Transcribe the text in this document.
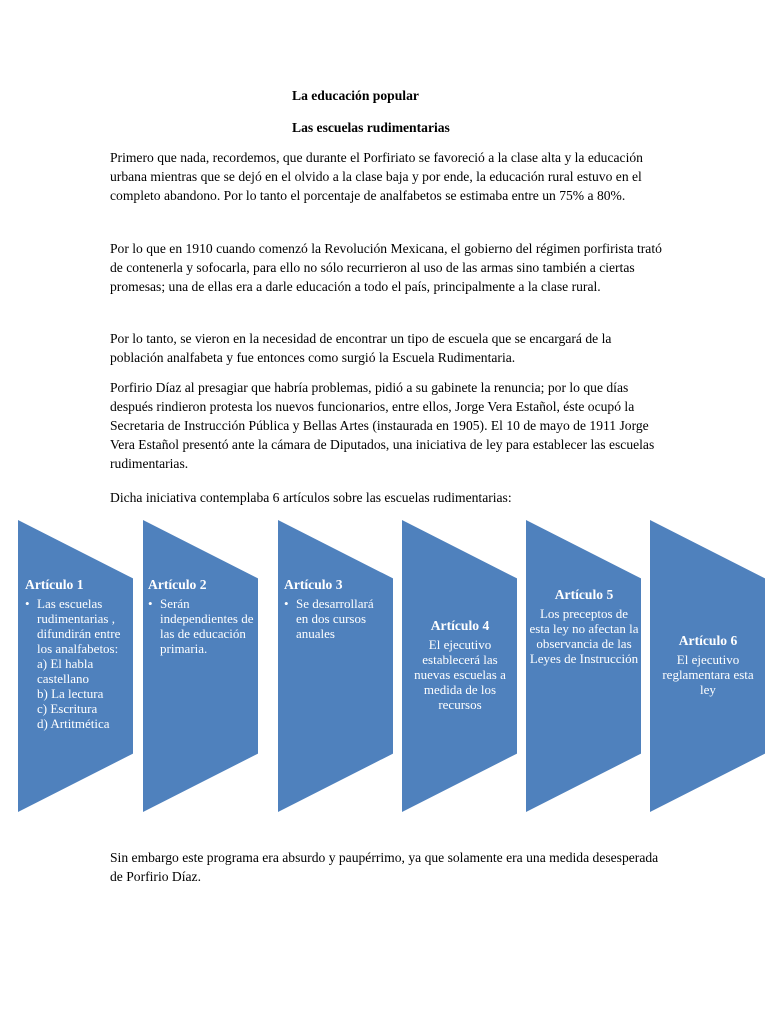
La educación popular
Las escuelas rudimentarias

Primero que nada, recordemos, que durante el Porfiriato se favoreció a la clase alta y la educación urbana mientras que se dejó en el olvido a la clase baja y por ende, la educación rural estuvo en el completo abandono. Por lo tanto el porcentaje de analfabetos se estimaba entre un 75% a 80%.

Por lo que en 1910 cuando comenzó la Revolución Mexicana, el gobierno del régimen porfirista trató de contenerla y sofocarla, para ello no sólo recurrieron al uso de las armas sino también a ciertas promesas; una de ellas era a darle educación a todo el país, principalmente a la clase rural.

Por lo tanto, se vieron en la necesidad de encontrar un tipo de escuela que se encargará de la población analfabeta y fue entonces como surgió la Escuela Rudimentaria.

Porfirio Díaz al presagiar que habría problemas, pidió a su gabinete la renuncia; por lo que días después rindieron protesta los nuevos funcionarios, entre ellos, Jorge Vera Estañol, éste ocupó la Secretaria de Instrucción Pública y Bellas Artes (instaurada en 1905). El 10 de mayo de 1911 Jorge Vera Estañol presentó ante la cámara de Diputados, una iniciativa de ley para establecer las escuelas rudimentarias.

Dicha iniciativa contemplaba 6 artículos sobre las escuelas rudimentarias:

Artículo 1
• Las escuelas rudimentarias , difundirán entre los analfabetos:
a) El habla castellano
b) La lectura
c) Escritura
d) Artitmética
Artículo 2
• Serán independientes de las de educación primaria.
Artículo 3
• Se desarrollará en dos cursos anuales
Artículo 4
El ejecutivo establecerá las nuevas escuelas a medida de los recursos
Artículo 5
Los preceptos de esta ley no afectan la observancia de las Leyes de Instrucción
Artículo 6
El ejecutivo reglamentara esta ley

Sin embargo este programa era absurdo y paupérrimo, ya que solamente era una medida desesperada de Porfirio Díaz.
